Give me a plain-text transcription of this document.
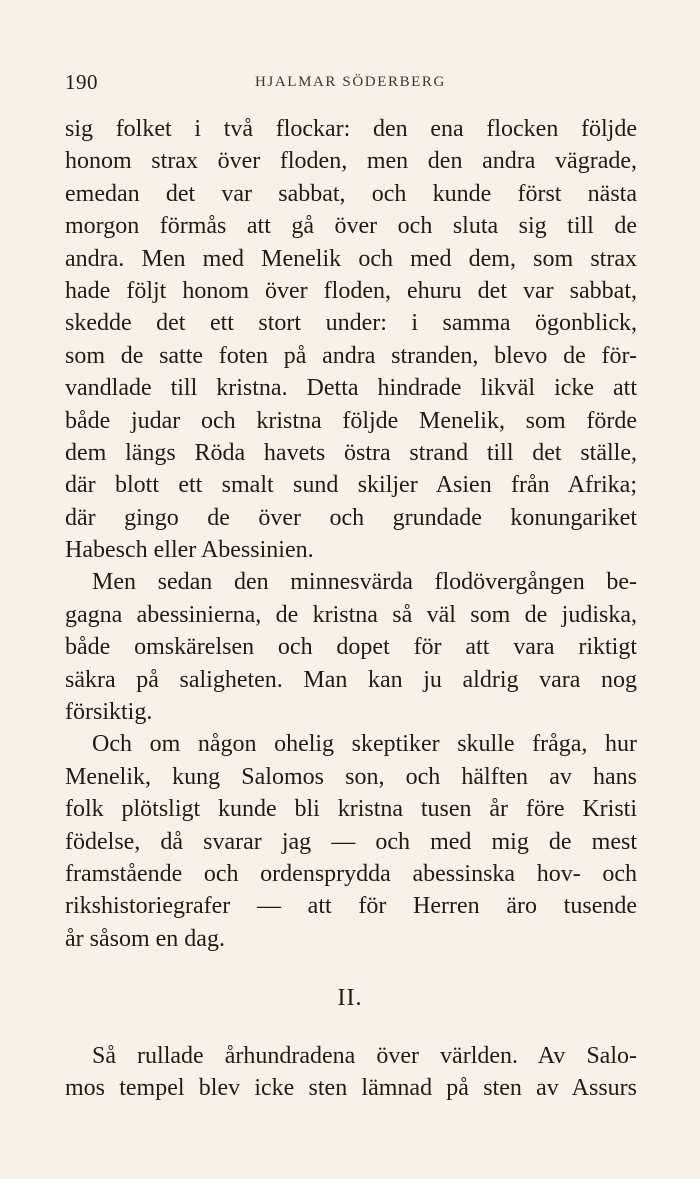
190	HJALMAR SÖDERBERG
sig folket i två flockar: den ena flocken följde
honom strax över floden, men den andra vägrade,
emedan det var sabbat, och kunde först nästa
morgon förmås att gå över och sluta sig till de
andra. Men med Menelik och med dem, som strax
hade följt honom över floden, ehuru det var sabbat,
skedde det ett stort under: i samma ögonblick,
som de satte foten på andra stranden, blevo de för-
vandlade till kristna. Detta hindrade likväl icke att
både judar och kristna följde Menelik, som förde
dem längs Röda havets östra strand till det ställe,
där blott ett smalt sund skiljer Asien från Afrika;
där gingo de över och grundade konungariket
Habesch eller Abessinien.
Men sedan den minnesvärda flodövergången be-
gagna abessinierna, de kristna så väl som de judiska,
både omskärelsen och dopet för att vara riktigt
säkra på saligheten. Man kan ju aldrig vara nog
försiktig.
Och om någon ohelig skeptiker skulle fråga, hur
Menelik, kung Salomos son, och hälften av hans
folk plötsligt kunde bli kristna tusen år före Kristi
födelse, då svarar jag — och med mig de mest
framstående och ordensprydda abessinska hov- och
rikshistoriegrafer — att för Herren äro tusende
år såsom en dag.
II.
Så rullade århundradena över världen. Av Salo-
mos tempel blev icke sten lämnad på sten av Assurs
